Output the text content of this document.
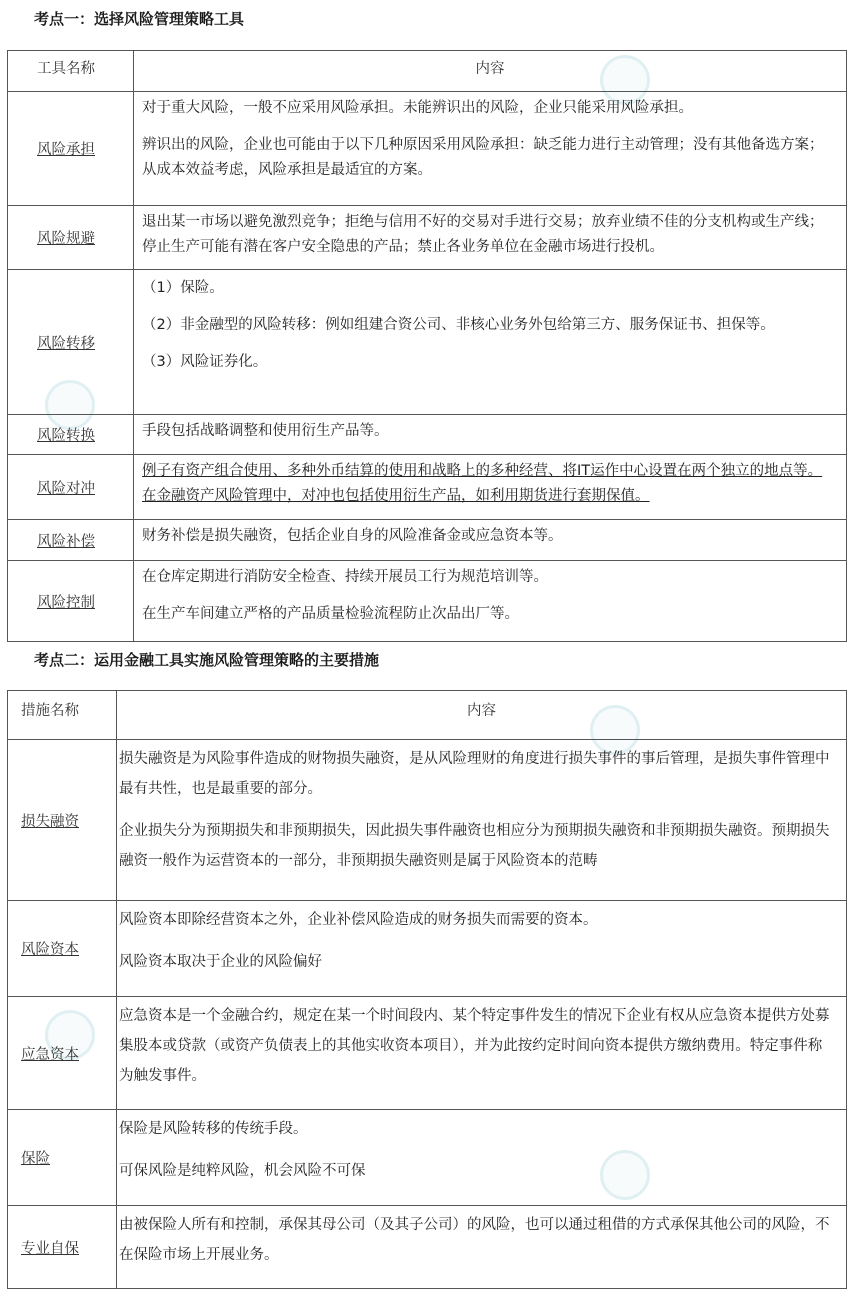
考点一：选择风险管理策略工具
工具名称	内容
风险承担	对于重大风险，一般不应采用风险承担。未能辨识出的风险，企业只能采用风险承担。

辨识出的风险，企业也可能由于以下几种原因采用风险承担：缺乏能力进行主动管理；没有其他备选方案；从成本效益考虑，风险承担是最适宜的方案。

风险规避	退出某一市场以避免激烈竞争；拒绝与信用不好的交易对手进行交易；放弃业绩不佳的分支机构或生产线；停止生产可能有潜在客户安全隐患的产品；禁止各业务单位在金融市场进行投机。

风险转移	（1）保险。

（2）非金融型的风险转移：例如组建合资公司、非核心业务外包给第三方、服务保证书、担保等。

（3）风险证券化。

风险转换	手段包括战略调整和使用衍生产品等。

风险对冲	例子有资产组合使用、多种外币结算的使用和战略上的多种经营、将IT运作中心设置在两个独立的地点等。在金融资产风险管理中，对冲也包括使用衍生产品，如利用期货进行套期保值。

风险补偿	财务补偿是损失融资，包括企业自身的风险准备金或应急资本等。

风险控制	在仓库定期进行消防安全检查、持续开展员工行为规范培训等。

在生产车间建立严格的产品质量检验流程防止次品出厂等。

考点二：运用金融工具实施风险管理策略的主要措施
措施名称	内容
损失融资	损失融资是为风险事件造成的财物损失融资，是从风险理财的角度进行损失事件的事后管理，是损失事件管理中最有共性，也是最重要的部分。

企业损失分为预期损失和非预期损失，因此损失事件融资也相应分为预期损失融资和非预期损失融资。预期损失融资一般作为运营资本的一部分，非预期损失融资则是属于风险资本的范畴

风险资本	风险资本即除经营资本之外，企业补偿风险造成的财务损失而需要的资本。

风险资本取决于企业的风险偏好

应急资本	应急资本是一个金融合约，规定在某一个时间段内、某个特定事件发生的情况下企业有权从应急资本提供方处募集股本或贷款（或资产负债表上的其他实收资本项目），并为此按约定时间向资本提供方缴纳费用。特定事件称为触发事件。

保险	保险是风险转移的传统手段。

可保风险是纯粹风险，机会风险不可保

专业自保	由被保险人所有和控制，承保其母公司（及其子公司）的风险，也可以通过租借的方式承保其他公司的风险，不在保险市场上开展业务。
